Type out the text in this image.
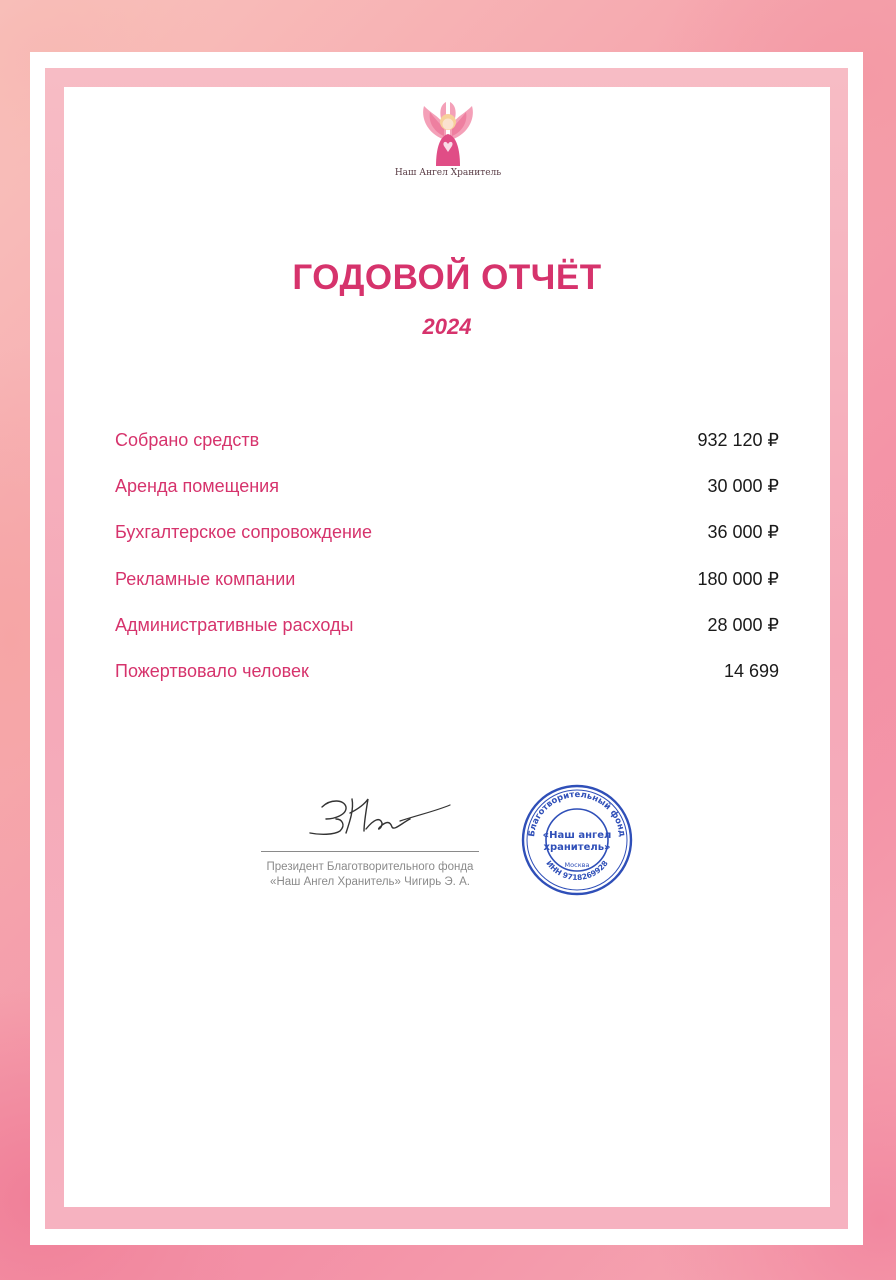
Наш Ангел Хранитель
ГОДОВОЙ ОТЧЁТ
2024
Собрано средств	932 120 ₽
Аренда помещения	30 000 ₽
Бухгалтерское сопровождение	36 000 ₽
Рекламные компании	180 000 ₽
Административные расходы	28 000 ₽
Пожертвовало человек	14 699
Президент Благотворительного фонда
«Наш Ангел Хранитель» Чигирь Э. А.
Благотворительный фонд
ИНН 9718269928
«Наш ангел
хранитель»
Москва
